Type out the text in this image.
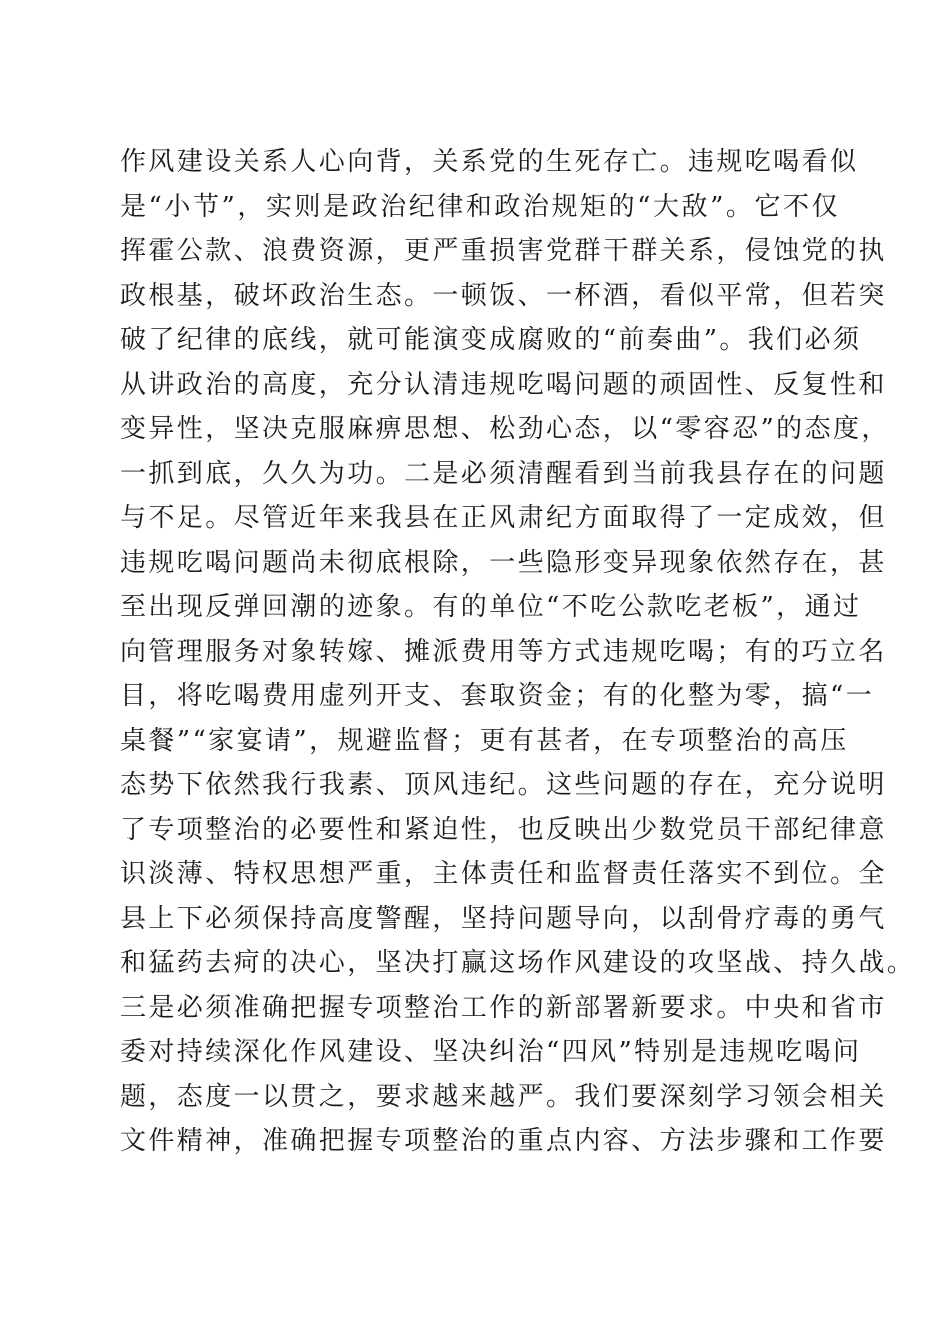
作风建设关系人心向背，关系党的生死存亡。违规吃喝看似
是“小节”，实则是政治纪律和政治规矩的“大敌”。它不仅
挥霍公款、浪费资源，更严重损害党群干群关系，侵蚀党的执
政根基，破坏政治生态。一顿饭、一杯酒，看似平常，但若突
破了纪律的底线，就可能演变成腐败的“前奏曲”。我们必须
从讲政治的高度，充分认清违规吃喝问题的顽固性、反复性和
变异性，坚决克服麻痹思想、松劲心态，以“零容忍”的态度，
一抓到底，久久为功。二是必须清醒看到当前我县存在的问题
与不足。尽管近年来我县在正风肃纪方面取得了一定成效，但
违规吃喝问题尚未彻底根除，一些隐形变异现象依然存在，甚
至出现反弹回潮的迹象。有的单位“不吃公款吃老板”，通过
向管理服务对象转嫁、摊派费用等方式违规吃喝；有的巧立名
目，将吃喝费用虚列开支、套取资金；有的化整为零，搞“一
桌餐”“家宴请”，规避监督；更有甚者，在专项整治的高压
态势下依然我行我素、顶风违纪。这些问题的存在，充分说明
了专项整治的必要性和紧迫性，也反映出少数党员干部纪律意
识淡薄、特权思想严重，主体责任和监督责任落实不到位。全
县上下必须保持高度警醒，坚持问题导向，以刮骨疗毒的勇气
和猛药去疴的决心，坚决打赢这场作风建设的攻坚战、持久战。
三是必须准确把握专项整治工作的新部署新要求。中央和省市
委对持续深化作风建设、坚决纠治“四风”特别是违规吃喝问
题，态度一以贯之，要求越来越严。我们要深刻学习领会相关
文件精神，准确把握专项整治的重点内容、方法步骤和工作要
